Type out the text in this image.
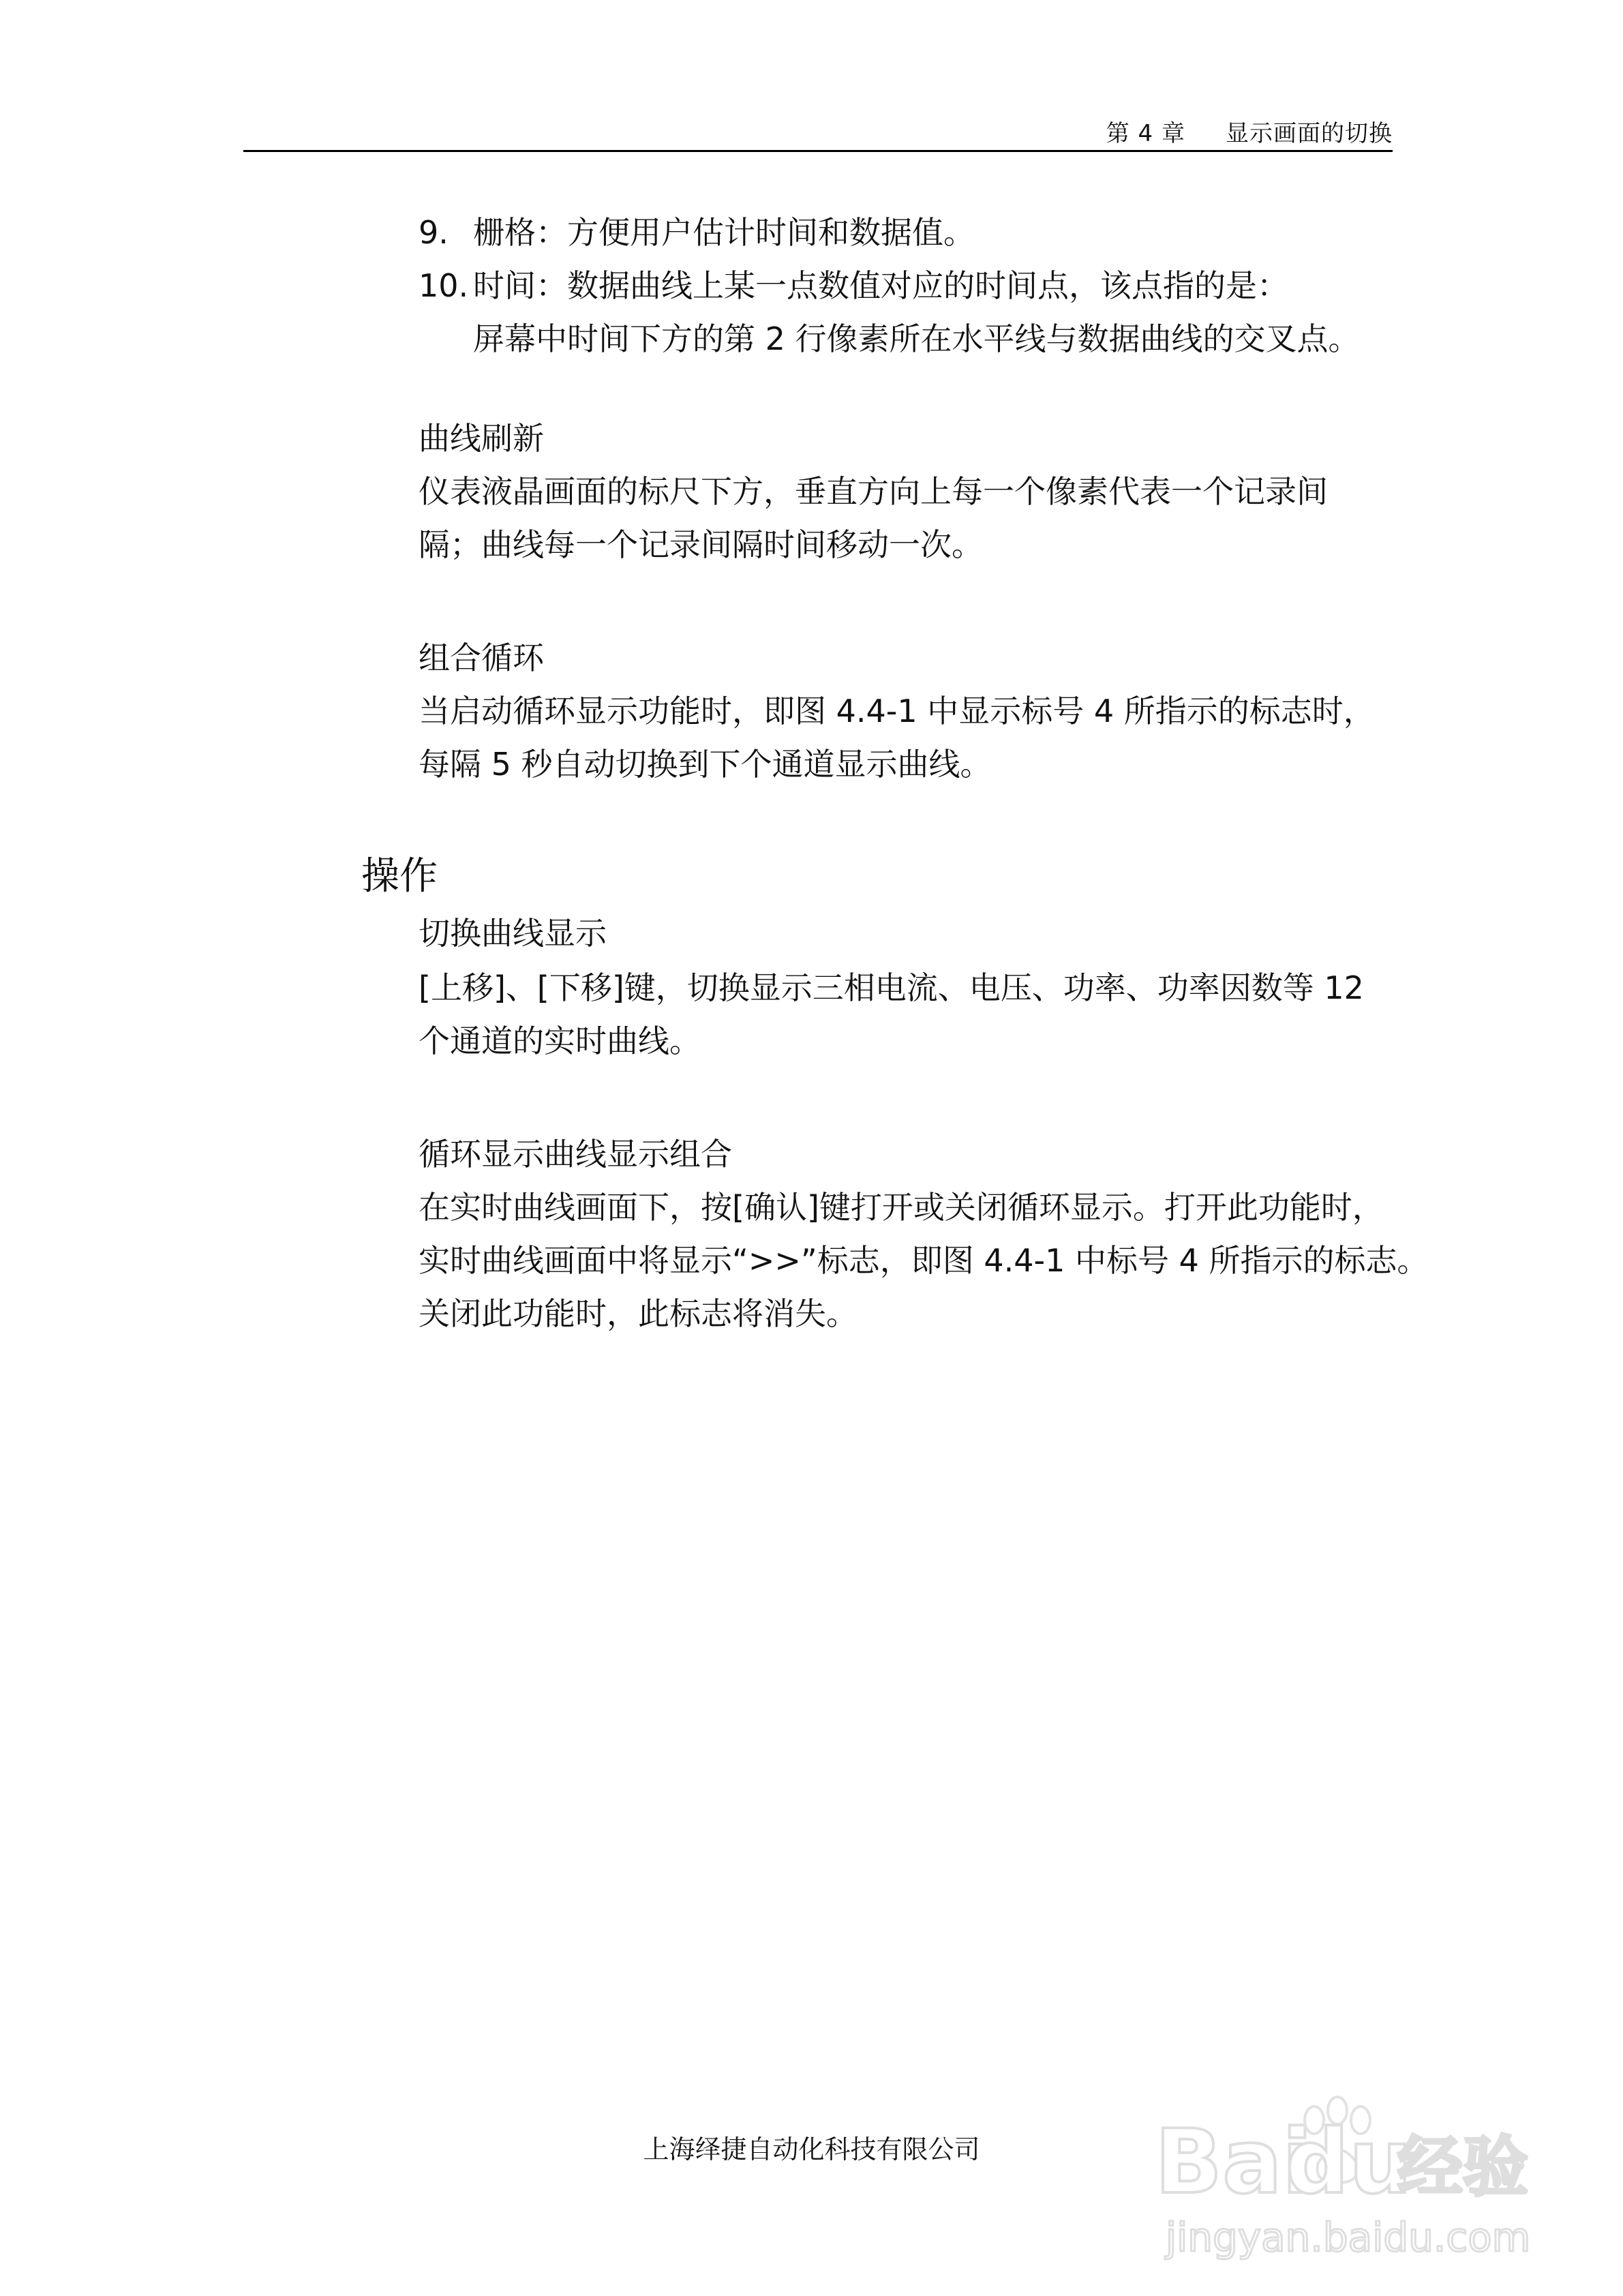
第 4 章     显示画面的切换
9. 栅格：方便用户估计时间和数据值。
10. 时间：数据曲线上某一点数值对应的时间点，该点指的是：
屏幕中时间下方的第 2 行像素所在水平线与数据曲线的交叉点。
曲线刷新

仪表液晶画面的标尺下方，垂直方向上每一个像素代表一个记录间

隔；曲线每一个记录间隔时间移动一次。

组合循环

当启动循环显示功能时，即图 4.4-1 中显示标号 4 所指示的标志时，

每隔 5 秒自动切换到下个通道显示曲线。

切换曲线显示

[上移]、[下移]键，切换显示三相电流、电压、功率、功率因数等 12

个通道的实时曲线。

循环显示曲线显示组合

在实时曲线画面下，按[确认]键打开或关闭循环显示。打开此功能时，

实时曲线画面中将显示“>>”标志，即图 4.4-1 中标号 4 所指示的标志。

关闭此功能时，此标志将消失。

操作
上海绎捷自动化科技有限公司	Bai
du
经验
jingyan.baidu.com
